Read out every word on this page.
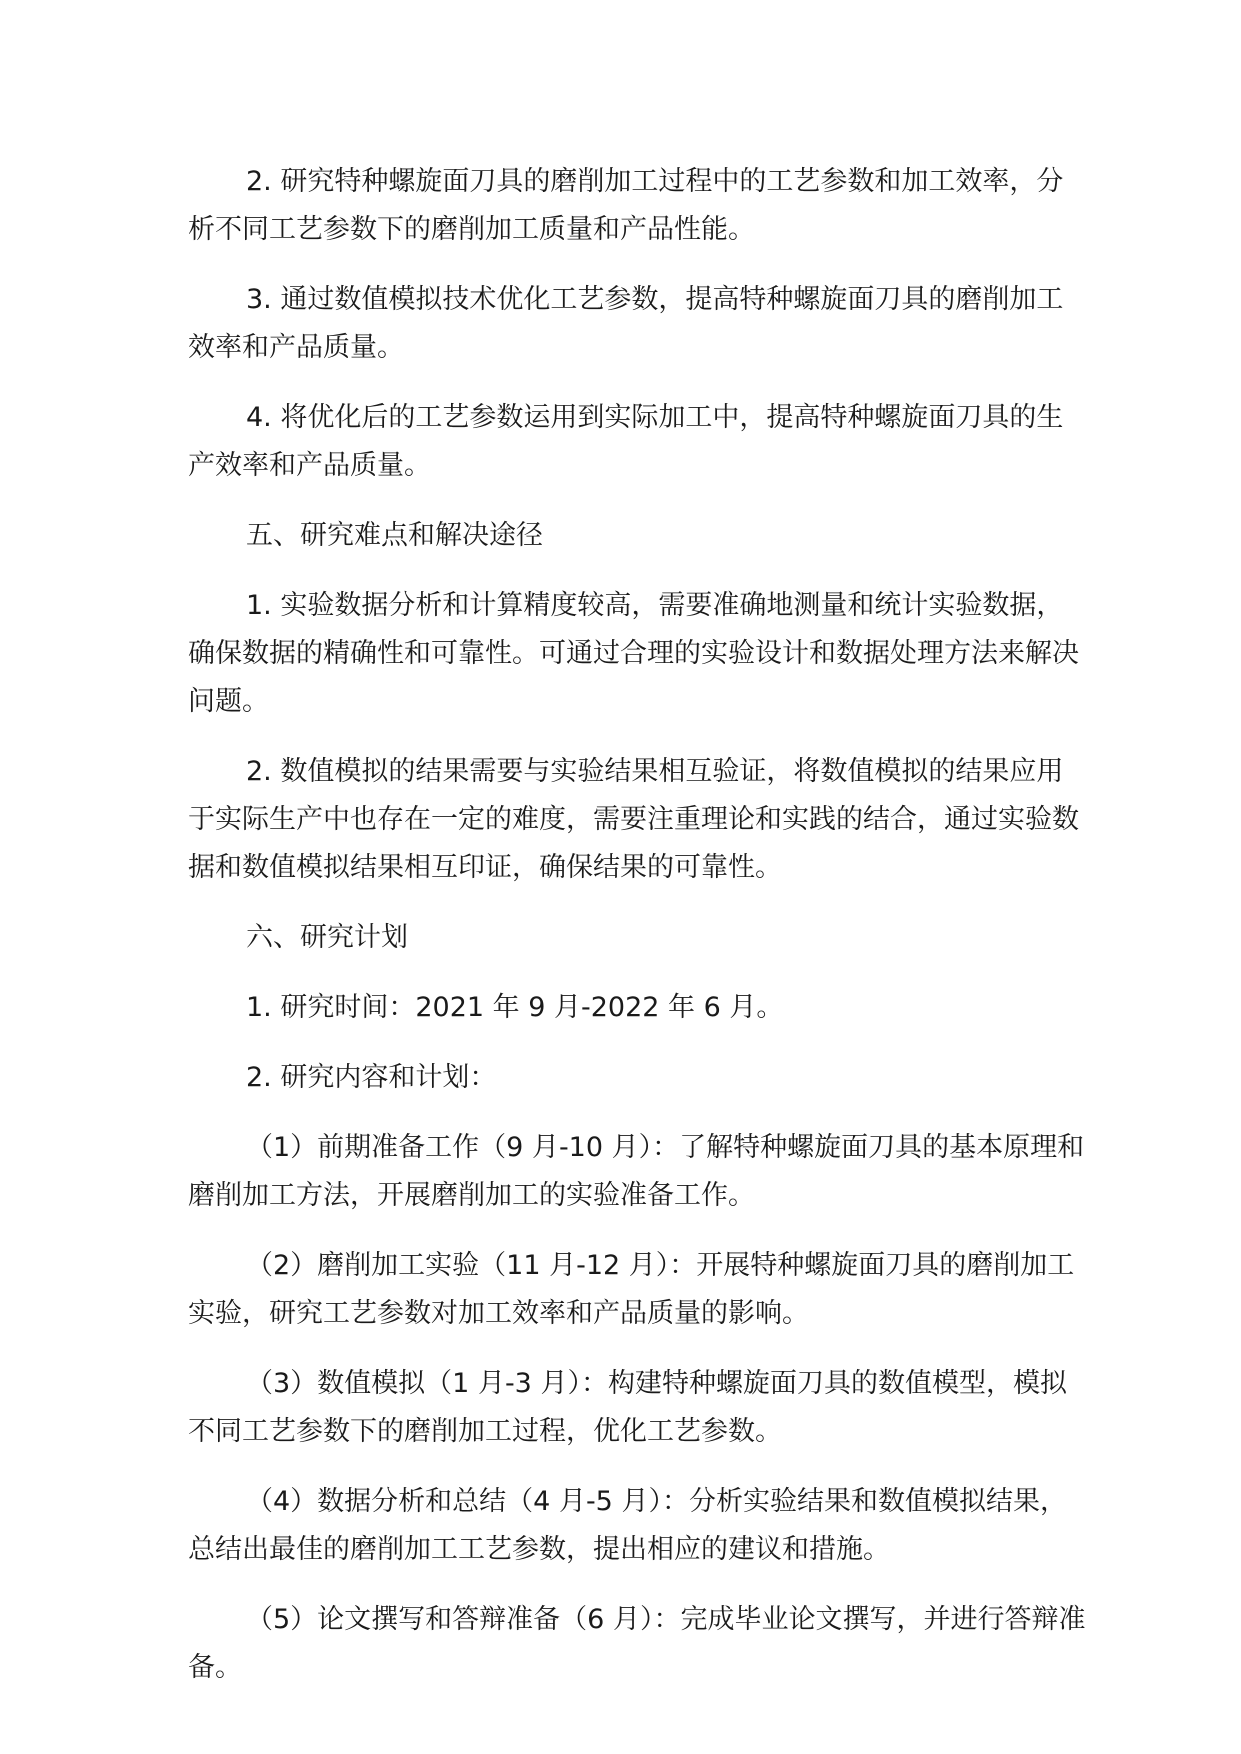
2. 研究特种螺旋面刀具的磨削加工过程中的工艺参数和加工效率，分析不同工艺参数下的磨削加工质量和产品性能。

3. 通过数值模拟技术优化工艺参数，提高特种螺旋面刀具的磨削加工效率和产品质量。

4. 将优化后的工艺参数运用到实际加工中，提高特种螺旋面刀具的生产效率和产品质量。

五、研究难点和解决途径

1. 实验数据分析和计算精度较高，需要准确地测量和统计实验数据，确保数据的精确性和可靠性。可通过合理的实验设计和数据处理方法来解决问题。

2. 数值模拟的结果需要与实验结果相互验证，将数值模拟的结果应用于实际生产中也存在一定的难度，需要注重理论和实践的结合，通过实验数据和数值模拟结果相互印证，确保结果的可靠性。

六、研究计划

1. 研究时间：2021 年 9 月-2022 年 6 月。

2. 研究内容和计划：

（1）前期准备工作（9 月-10 月）：了解特种螺旋面刀具的基本原理和磨削加工方法，开展磨削加工的实验准备工作。

（2）磨削加工实验（11 月-12 月）：开展特种螺旋面刀具的磨削加工实验，研究工艺参数对加工效率和产品质量的影响。

（3）数值模拟（1 月-3 月）：构建特种螺旋面刀具的数值模型，模拟不同工艺参数下的磨削加工过程，优化工艺参数。

（4）数据分析和总结（4 月-5 月）：分析实验结果和数值模拟结果，总结出最佳的磨削加工工艺参数，提出相应的建议和措施。

（5）论文撰写和答辩准备（6 月）：完成毕业论文撰写，并进行答辩准备。
